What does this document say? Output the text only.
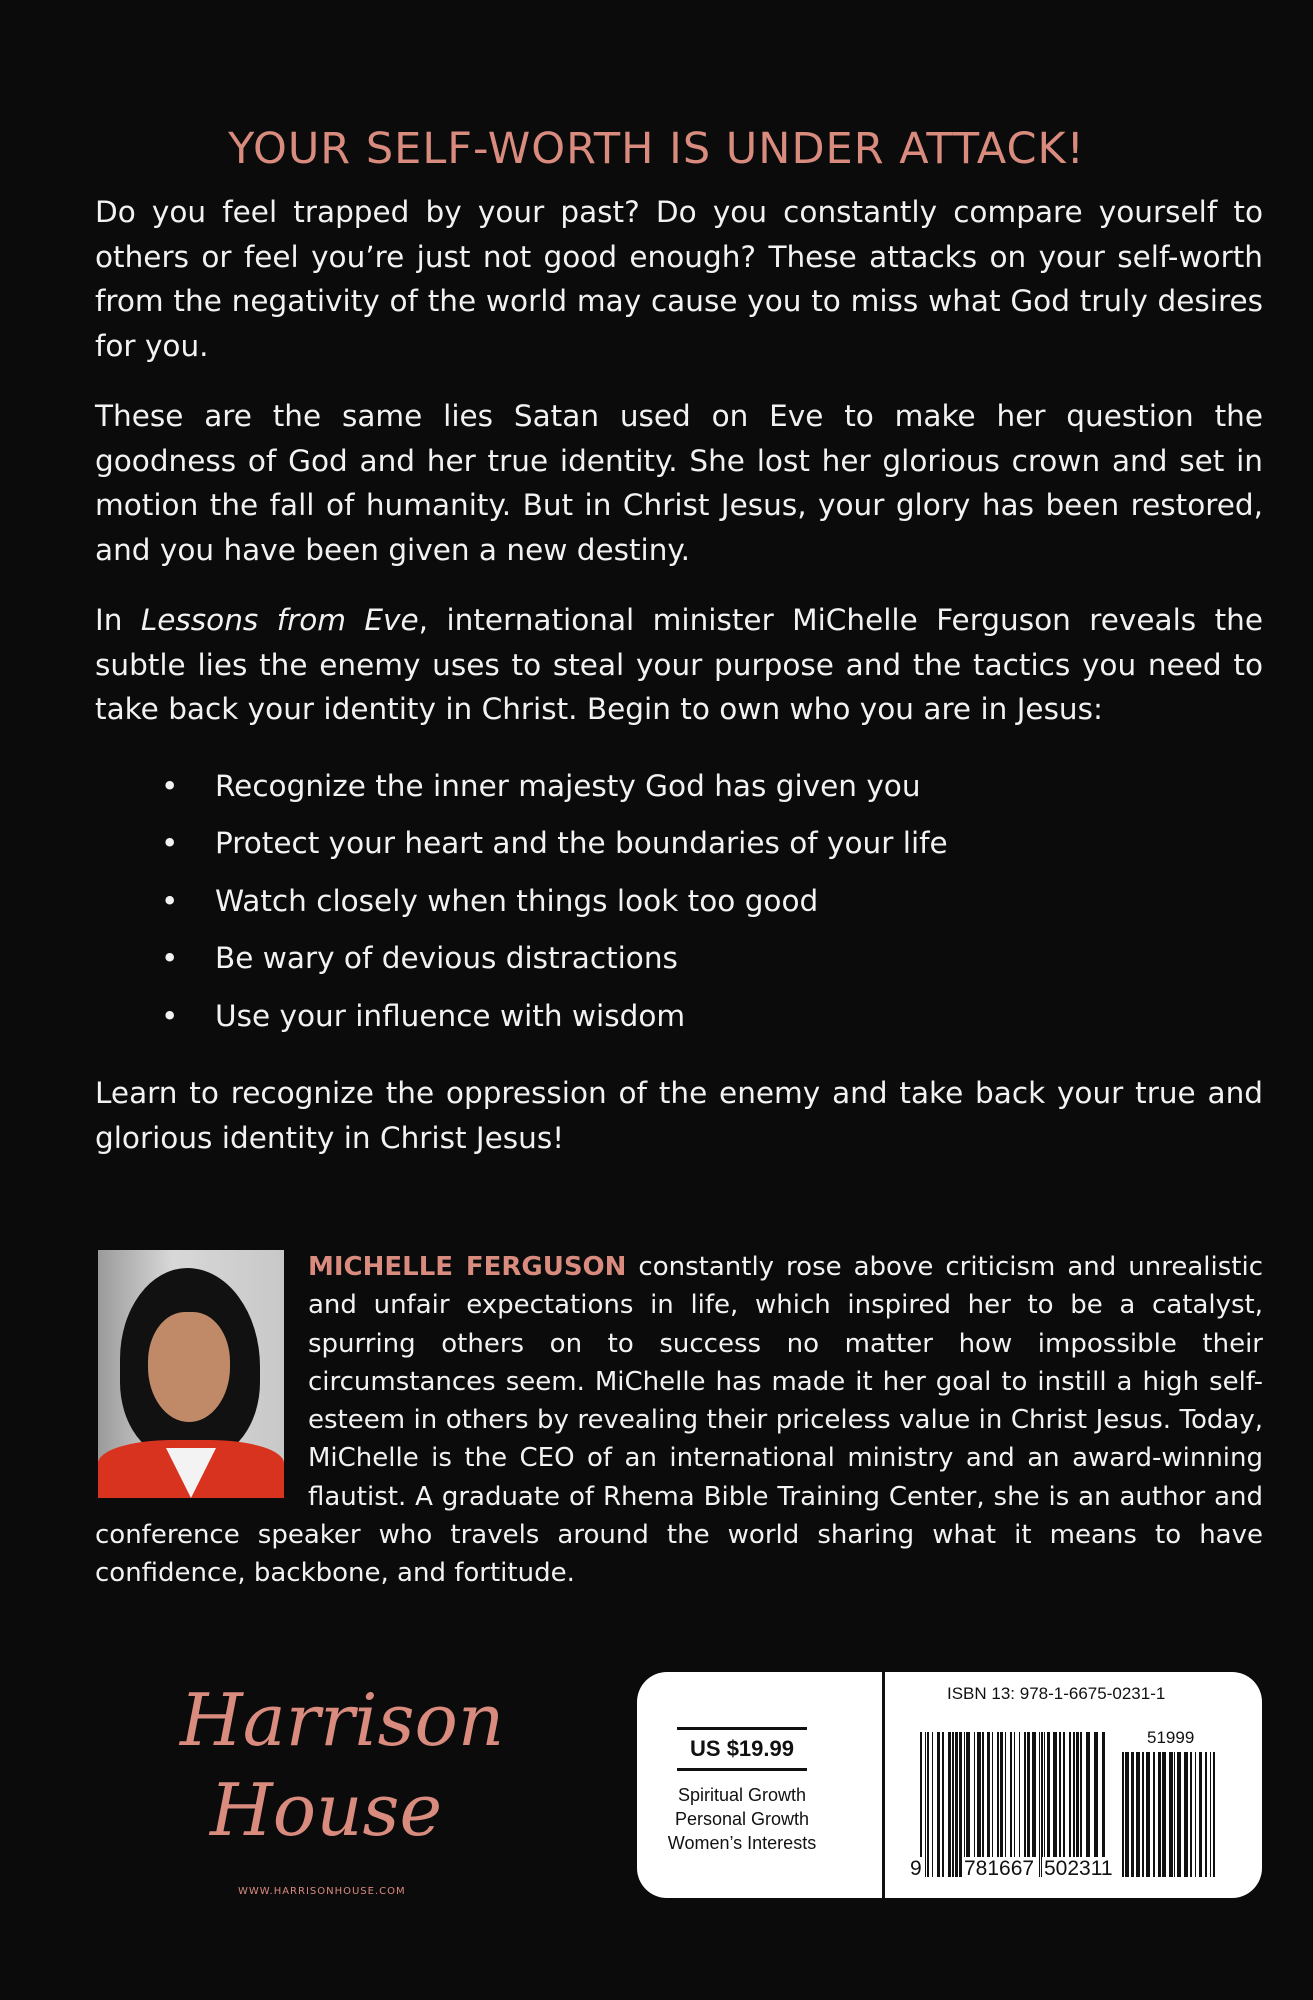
YOUR SELF-WORTH IS UNDER ATTACK!

Do you feel trapped by your past? Do you constantly compare yourself to others or feel you’re just not good enough? These attacks on your self-worth from the negativity of the world may cause you to miss what God truly desires for you.

These are the same lies Satan used on Eve to make her question the goodness of God and her true identity. She lost her glorious crown and set in motion the fall of humanity. But in Christ Jesus, your glory has been restored, and you have been given a new destiny.

In Lessons from Eve, international minister MiChelle Ferguson reveals the subtle lies the enemy uses to steal your purpose and the tactics you need to take back your identity in Christ. Begin to own who you are in Jesus:

• Recognize the inner majesty God has given you
• Protect your heart and the boundaries of your life
• Watch closely when things look too good
• Be wary of devious distractions
• Use your influence with wisdom

Learn to recognize the oppression of the enemy and take back your true and glorious identity in Christ Jesus!

MICHELLE FERGUSON constantly rose above criticism and unrealistic and unfair expectations in life, which inspired her to be a catalyst, spurring others on to success no matter how impossible their circumstances seem. MiChelle has made it her goal to instill a high self-esteem in others by revealing their priceless value in Christ Jesus. Today, MiChelle is the CEO of an international ministry and an award-winning flautist. A graduate of Rhema Bible Training Center, she is an author and conference speaker who travels around the world sharing what it means to have confidence, backbone, and fortitude.
Harrison
House
WWW.HARRISONHOUSE.COM
US $19.99
Spiritual Growth
Personal Growth
Women’s Interests
ISBN 13: 978-1-6675-0231-1
51999
9 781667 502311
